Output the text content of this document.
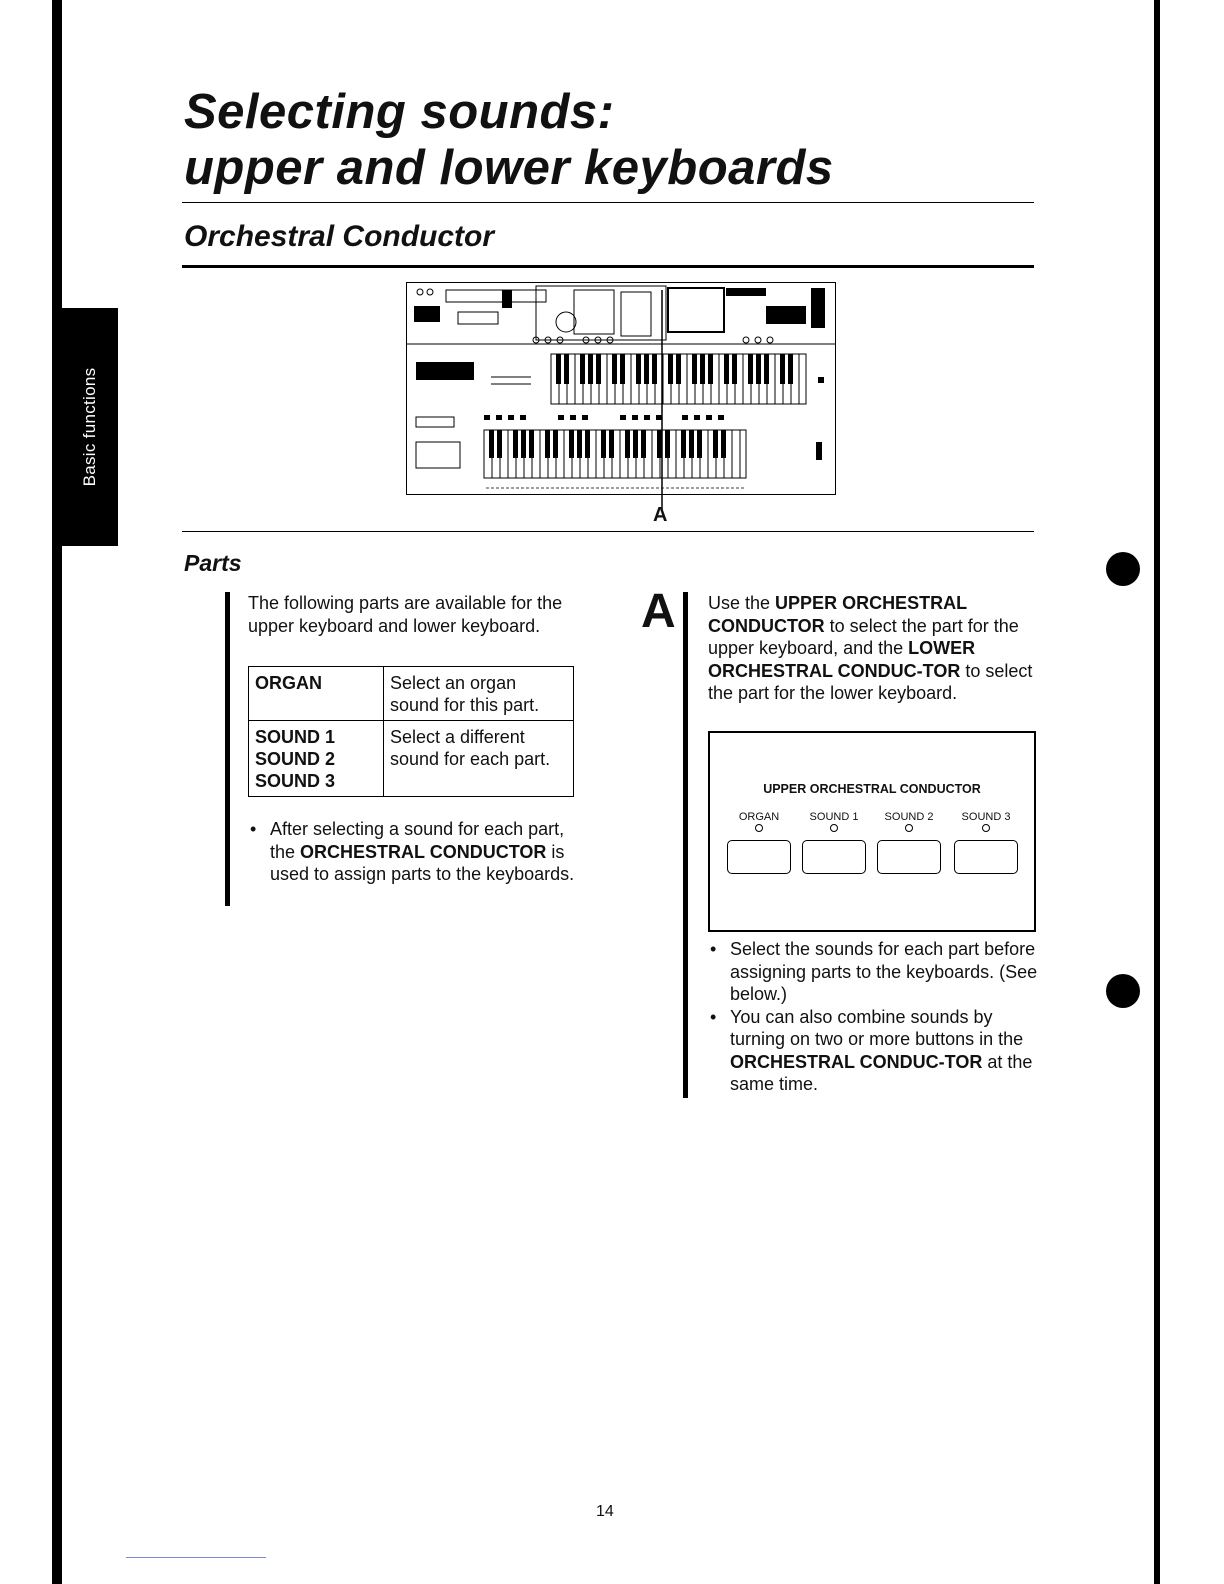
Basic functions
Selecting sounds:
upper and lower keyboards
Orchestral Conductor
A
Parts
The following parts are available for the upper keyboard and lower keyboard.
ORGAN	Select an organ sound for this part.
SOUND 1
SOUND 2
SOUND 3	Select a different sound for each part.
• After selecting a sound for each part, the ORCHESTRAL CONDUCTOR is used to assign parts to the keyboards.
A Use the UPPER ORCHESTRAL CONDUCTOR to select the part for the upper keyboard, and the LOWER ORCHESTRAL CONDUC-TOR to select the part for the lower keyboard.
UPPER ORCHESTRAL CONDUCTOR
ORGAN	SOUND 1	SOUND 2	SOUND 3
• Select the sounds for each part before assigning parts to the keyboards. (See below.)
• You can also combine sounds by turning on two or more buttons in the ORCHESTRAL CONDUC-TOR at the same time.
14
